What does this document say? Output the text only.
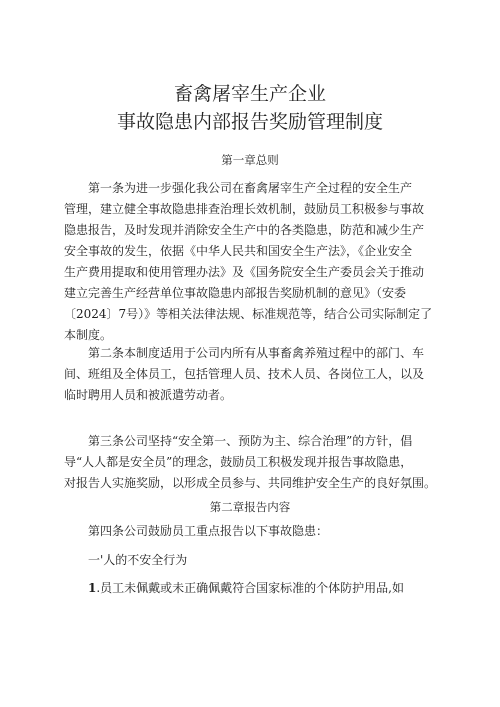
畜禽屠宰生产企业
事故隐患内部报告奖励管理制度
第一章总则
第一条为进一步强化我公司在畜禽屠宰生产全过程的安全生产
管理，建立健全事故隐患排查治理长效机制，鼓励员工积极参与事故
隐患报告，及时发现并消除安全生产中的各类隐患，防范和减少生产
安全事故的发生，依据《中华人民共和国安全生产法》，《企业安全
生产费用提取和使用管理办法》及《国务院安全生产委员会关于推动
建立完善生产经营单位事故隐患内部报告奖励机制的意见》（安委
〔2024〕7号）》等相关法律法规、标准规范等，结合公司实际制定了
本制度。
第二条本制度适用于公司内所有从事畜禽养殖过程中的部门、车
间、班组及全体员工，包括管理人员、技术人员、各岗位工人，以及
临时聘用人员和被派遣劳动者。
第三条公司坚持“安全第一、预防为主、综合治理”的方针，倡
导“人人都是安全员”的理念，鼓励员工积极发现并报告事故隐患，
对报告人实施奖励，以形成全员参与、共同维护安全生产的良好氛围。
第二章报告内容
第四条公司鼓励员工重点报告以下事故隐患：
一'人的不安全行为
1.员工未佩戴或未正确佩戴符合国家标准的个体防护用品,如
